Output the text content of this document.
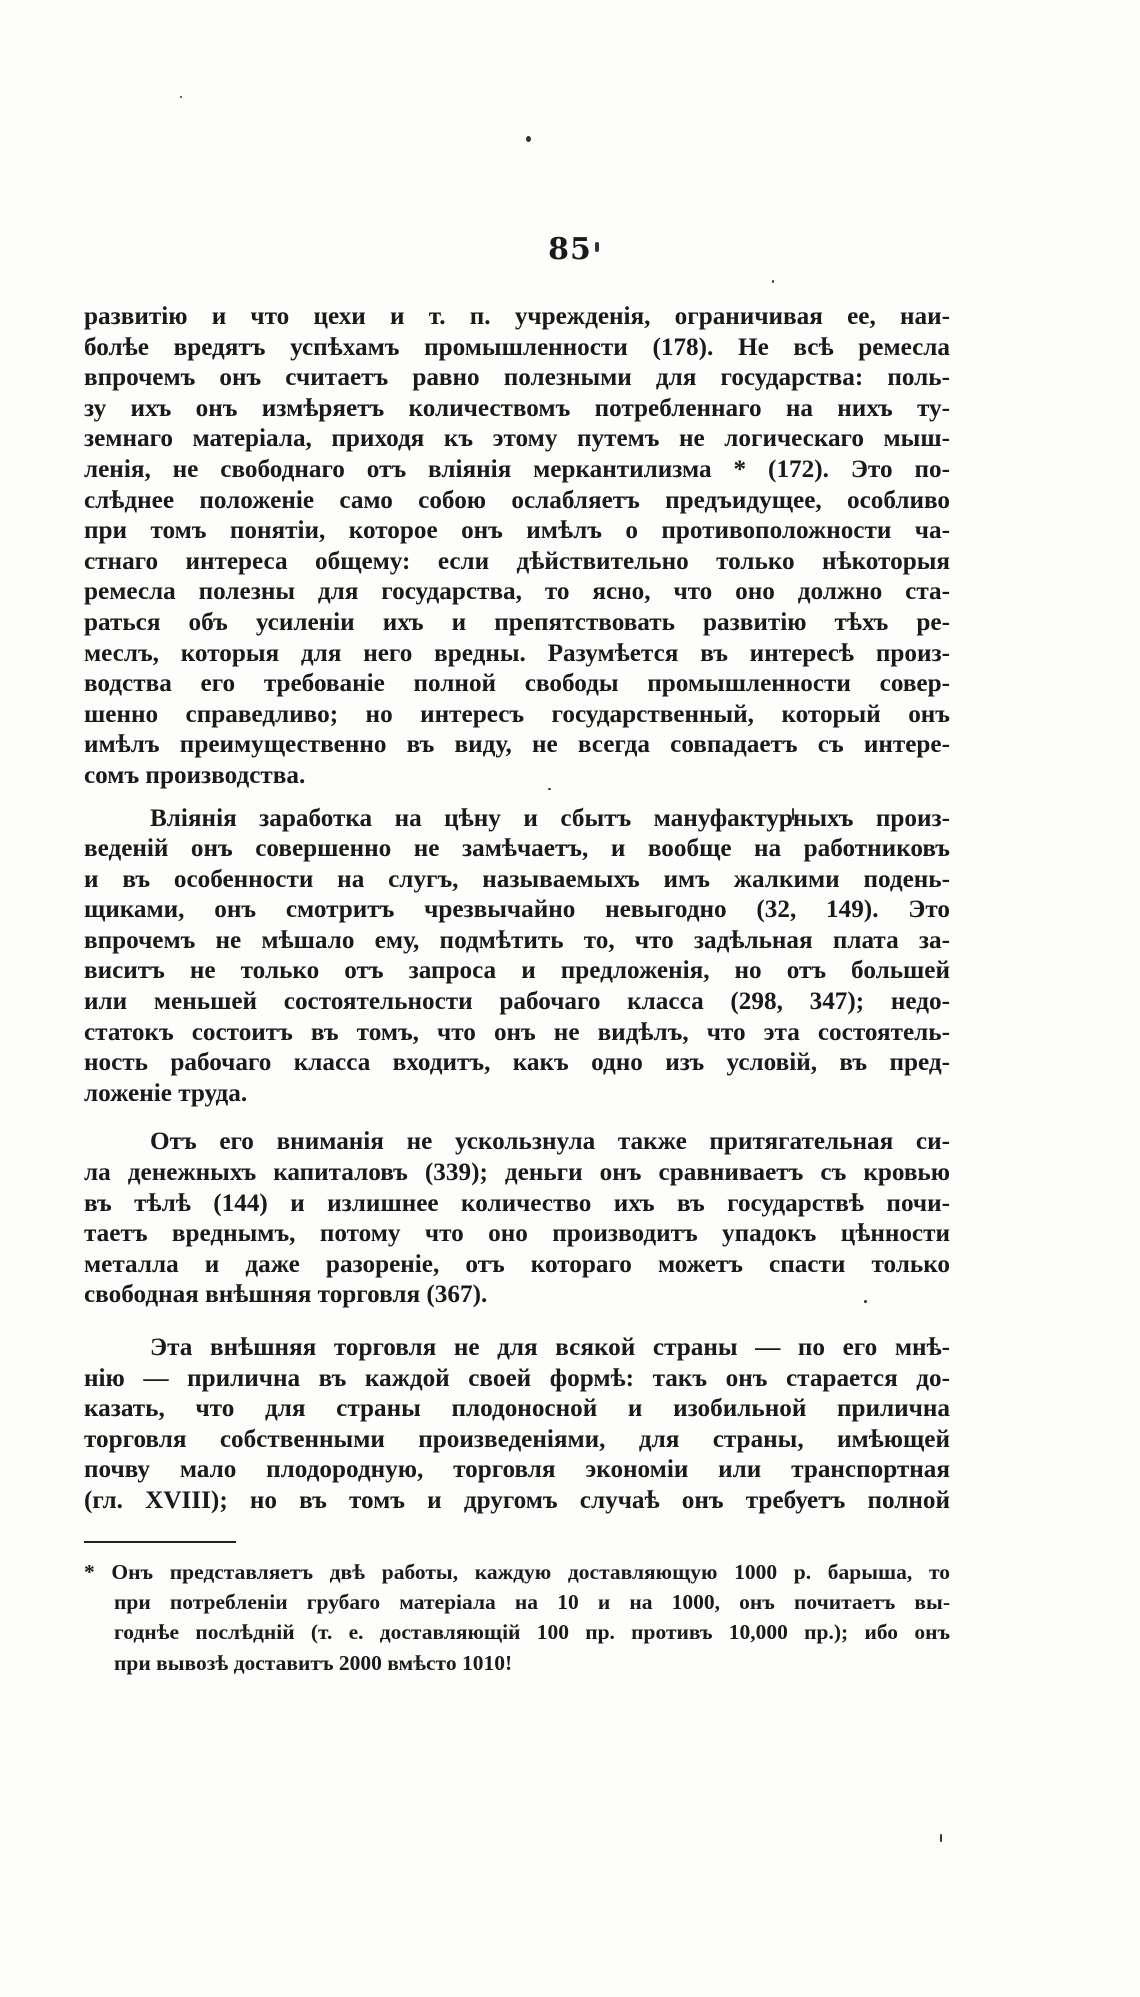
85

развитію и что цехи и т. п. учрежденія, ограничивая ее, наи-
болѣе вредятъ успѣхамъ промышленности (178). Не всѣ ремесла
впрочемъ онъ считаетъ равно полезными для государства: поль-
зу ихъ онъ измѣряетъ количествомъ потребленнаго на нихъ ту-
земнаго матеріала, приходя къ этому путемъ не логическаго мыш-
ленія, не свободнаго отъ вліянія меркантилизма * (172). Это по-
слѣднее положеніе само собою ослабляетъ предъидущее, особливо
при томъ понятіи, которое онъ имѣлъ о противоположности ча-
стнаго интереса общему: если дѣйствительно только нѣкоторыя
ремесла полезны для государства, то ясно, что оно должно ста-
раться объ усиленіи ихъ и препятствовать развитію тѣхъ ре-
меслъ, которыя для него вредны. Разумѣется въ интересѣ произ-
водства его требованіе полной свободы промышленности совер-
шенно справедливо; но интересъ государственный, который онъ
имѣлъ преимущественно въ виду, не всегда совпадаетъ съ интере-
сомъ производства.

Вліянія заработка на цѣну и сбытъ мануфактурныхъ произ-
веденій онъ совершенно не замѣчаетъ, и вообще на работниковъ
и въ особенности на слугъ, называемыхъ имъ жалкими подень-
щиками, онъ смотритъ чрезвычайно невыгодно (32, 149). Это
впрочемъ не мѣшало ему, подмѣтить то, что задѣльная плата за-
виситъ не только отъ запроса и предложенія, но отъ большей
или меньшей состоятельности рабочаго класса (298, 347); недо-
статокъ состоитъ въ томъ, что онъ не видѣлъ, что эта состоятель-
ность рабочаго класса входитъ, какъ одно изъ условій, въ пред-
ложеніе труда.

Отъ его вниманія не ускользнула также притягательная си-
ла денежныхъ капиталовъ (339); деньги онъ сравниваетъ съ кровью
въ тѣлѣ (144) и излишнее количество ихъ въ государствѣ почи-
таетъ вреднымъ, потому что оно производитъ упадокъ цѣнности
металла и даже разореніе, отъ котораго можетъ спасти только
свободная внѣшняя торговля (367).

Эта внѣшняя торговля не для всякой страны — по его мнѣ-
нію — прилична въ каждой своей формѣ: такъ онъ старается до-
казать, что для страны плодоносной и изобильной прилична
торговля собственными произведеніями, для страны, имѣющей
почву мало плодородную, торговля экономіи или транспортная
(гл. XVIII); но въ томъ и другомъ случаѣ онъ требуетъ полной

* Онъ представляетъ двѣ работы, каждую доставляющую 1000 р. барыша, то
при потребленіи грубаго матеріала на 10 и на 1000, онъ почитаетъ вы-
годнѣе послѣдній (т. е. доставляющій 100 пр. противъ 10,000 пр.); ибо онъ
при вывозѣ доставитъ 2000 вмѣсто 1010!
